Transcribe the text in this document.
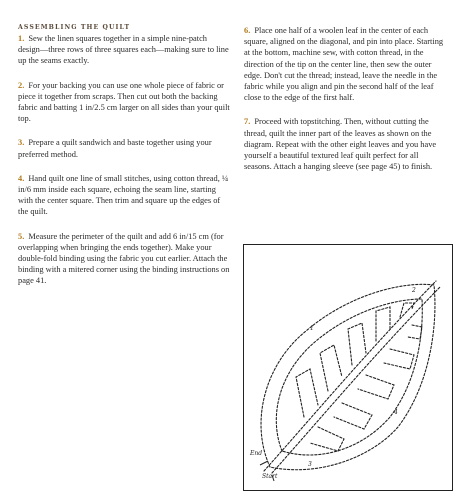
ASSEMBLING THE QUILT

1. Sew the linen squares together in a simple nine-patch design—three rows of three squares each—making sure to line up the seams exactly.

2. For your backing you can use one whole piece of fabric or piece it together from scraps. Then cut out both the backing fabric and batting 1 in/2.5 cm larger on all sides than your quilt top.

3. Prepare a quilt sandwich and baste together using your preferred method.

4. Hand quilt one line of small stitches, using cotton thread, ¼ in/6 mm inside each square, echoing the seam line, starting with the center square. Then trim and square up the edges of the quilt.

5. Measure the perimeter of the quilt and add 6 in/15 cm (for overlapping when bringing the ends together). Make your double-fold binding using the fabric you cut earlier. Attach the binding with a mitered corner using the binding instructions on page 41.

6. Place one half of a woolen leaf in the center of each square, aligned on the diagonal, and pin into place. Starting at the bottom, machine sew, with cotton thread, in the direction of the tip on the center line, then sew the outer edge. Don't cut the thread; instead, leave the needle in the fabric while you align and pin the second half of the leaf close to the edge of the first half.

7. Proceed with topstitching. Then, without cutting the thread, quilt the inner part of the leaves as shown on the diagram. Repeat with the other eight leaves and you have yourself a beautiful textured leaf quilt perfect for all seasons. Attach a hanging sleeve (see page 45) to finish.

End
Start
1
2
3
4
